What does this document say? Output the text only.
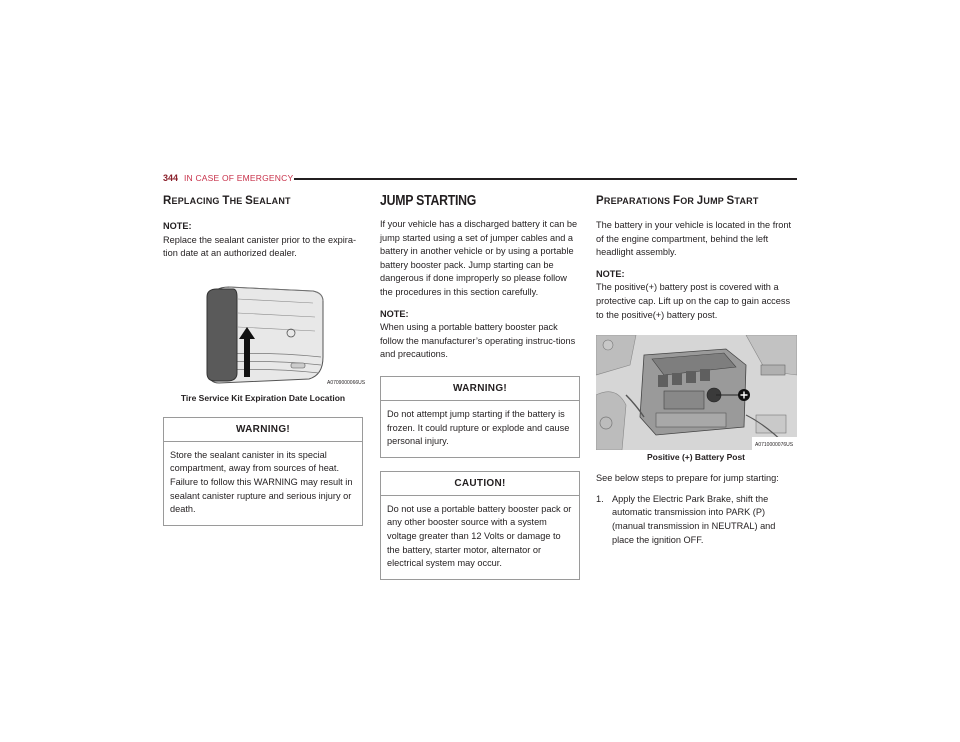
344 IN CASE OF EMERGENCY
REPLACING THE SEALANT
NOTE:

Replace the sealant canister prior to the expira-tion date at an authorized dealer.

A0709000066US
Tire Service Kit Expiration Date Location
WARNING!
Store the sealant canister in its special compartment, away from sources of heat. Failure to follow this WARNING may result in sealant canister rupture and serious injury or death.
JUMP STARTING

If your vehicle has a discharged battery it can be jump started using a set of jumper cables and a battery in another vehicle or by using a portable battery booster pack. Jump starting can be dangerous if done improperly so please follow the procedures in this section carefully.

NOTE:

When using a portable battery booster pack follow the manufacturer’s operating instruc-tions and precautions.

WARNING!
Do not attempt jump starting if the battery is frozen. It could rupture or explode and cause personal injury.
CAUTION!
Do not use a portable battery booster pack or any other booster source with a system voltage greater than 12 Volts or damage to the battery, starter motor, alternator or electrical system may occur.
PREPARATIONS FOR JUMP START

The battery in your vehicle is located in the front of the engine compartment, behind the left headlight assembly.

NOTE:

The positive(+) battery post is covered with a protective cap. Lift up on the cap to gain access to the positive(+) battery post.

A0710000076US
Positive (+) Battery Post

See below steps to prepare for jump starting:

1. Apply the Electric Park Brake, shift the automatic transmission into PARK (P) (manual transmission in NEUTRAL) and place the ignition OFF.
